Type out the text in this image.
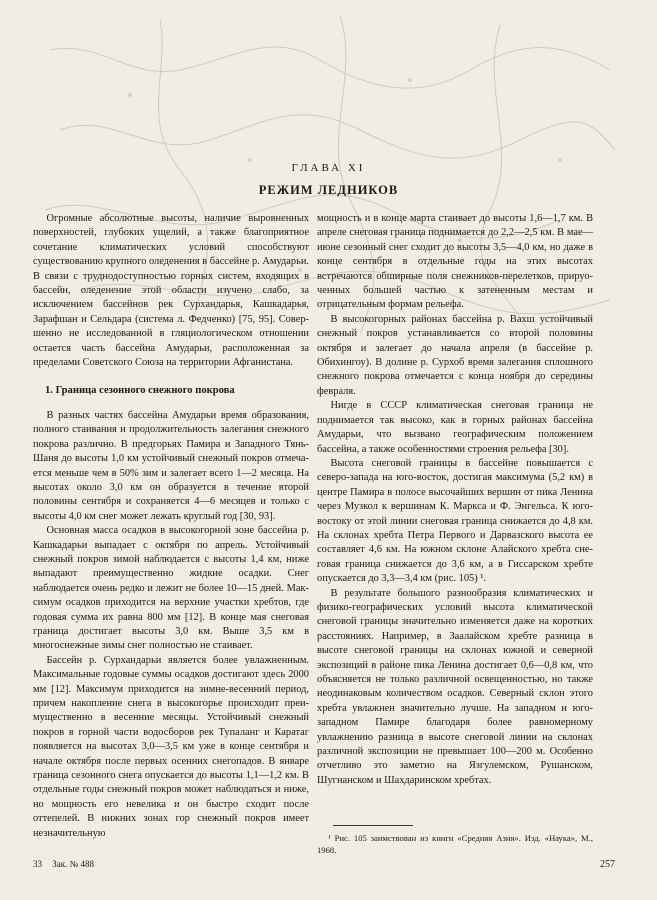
ГЛАВА XI
РЕЖИМ ЛЕДНИКОВ

Огромные абсолютные высоты, наличие выровненных поверхностей, глубоких ущелий, а также благоприятное сочетание климатических условий способствуют существованию крупного оледенения в бассейне р. Амударьи. В связи с труднодоступностью горных систем, входящих в бассейн, оледенение этой области изучено слабо, за исключением бассейнов рек Сурхандарья, Кашкадарья, Зарафшан и Сельдара (система л. Федченко) [75, 95]. Совершенно не исследованной в гляциологическом отношении остается часть бассейна Амударьи, расположенная за пределами Советского Союза на территории Афганистана.

1. Граница сезонного снежного покрова

В разных частях бассейна Амударьи время образования, полного стаивания и продолжительность залегания снежного покрова различно. В предгорьях Памира и Западного Тянь-Шаня до высоты 1,0 км устойчивый снежный покров отмечается меньше чем в 50% зим и залегает всего 1—2 месяца. На высотах около 3,0 км он образуется в течение второй половины сентября и сохраняется 4—6 месяцев и только с высоты 4,0 км снег может лежать круглый год [30, 93].

Основная масса осадков в высокогорной зоне бассейна р. Кашкадарьи выпадает с октября по апрель. Устойчивый снежный покров зимой наблюдается с высоты 1,4 км, ниже выпадают преимущественно жидкие осадки. Снег наблюдается очень редко и лежит не более 10—15 дней. Максимум осадков приходится на верхние участки хребтов, где годовая сумма их равна 800 мм [12]. В конце мая снеговая граница достигает высоты 3,0 км. Выше 3,5 км в многоснежные зимы снег полностью не стаивает.

Бассейн р. Сурхандарьи является более увлажненным. Максимальные годовые суммы осадков достигают здесь 2000 мм [12]. Максимум приходится на зимне-весенний период, причем накопление снега в высокогорье происходит преимущественно в весенние месяцы. Устойчивый снежный покров в горной части водосборов рек Тупаланг и Каратаг появляется на высотах 3,0—3,5 км уже в конце сентября и начале октября после первых осенних снегопадов. В январе граница сезонного снега опускается до высоты 1,1—1,2 км. В отдельные годы снежный покров может наблюдаться и ниже, но мощность его невелика и он быстро сходит после оттепелей. В нижних зонах гор снежный покров имеет незначительную

мощность и в конце марта стаивает до высоты 1,6—1,7 км. В апреле снеговая граница поднимается до 2,2—2,5 км. В мае—июне сезонный снег сходит до высоты 3,5—4,0 км, но даже в конце сентября в отдельные годы на этих высотах встречаются обширные поля снежников-перелетков, прируоченных большей частью к затененным местам и отрицательным формам рельефа.

В высокогорных районах бассейна р. Вахш устойчивый снежный покров устанавливается со второй половины октября и залегает до начала апреля (в бассейне р. Обихингоу). В долине р. Сурхоб время залегания сплошного снежного покрова отмечается с конца ноября до середины февраля.

Нигде в СССР климатическая снеговая граница не поднимается так высоко, как в горных районах бассейна Амударьи, что вызвано географическим положением бассейна, а также особенностями строения рельефа [30].

Высота снеговой границы в бассейне повышается с северо-запада на юго-восток, достигая максимума (5,2 км) в центре Памира в полосе высочайших вершин от пика Ленина через Музкол к вершинам К. Маркса и Ф. Энгельса. К юго-востоку от этой линии снеговая граница снижается до 4,8 км. На склонах хребта Петра Первого и Дарвазского высота ее составляет 4,6 км. На южном склоне Алайского хребта снеговая граница снижается до 3,6 км, а в Гиссарском хребте опускается до 3,3—3,4 км (рис. 105) ¹.

В результате большого разнообразия климатических и физико-географических условий высота климатической снеговой границы значительно изменяется даже на коротких расстояниях. Например, в Заалайском хребте разница в высоте снеговой границы на склонах южной и северной экспозиций в районе пика Ленина достигает 0,6—0,8 км, что объясняется не только различной освещенностью, но также неодинаковым количеством осадков. Северный склон этого хребта увлажнен значительно лучше. На западном и юго-западном Памире благодаря более равномерному увлажнению разница в высоте снеговой линии на склонах различной экспозиции не превышает 100—200 м. Особенно отчетливо это заметно на Язгулемском, Рушанском, Шугнанском и Шахдаринском хребтах.

¹ Рис. 105 заимствован из книги «Средняя Азия». Изд. «Наука», М., 1968.

33 Зак. № 488	257
